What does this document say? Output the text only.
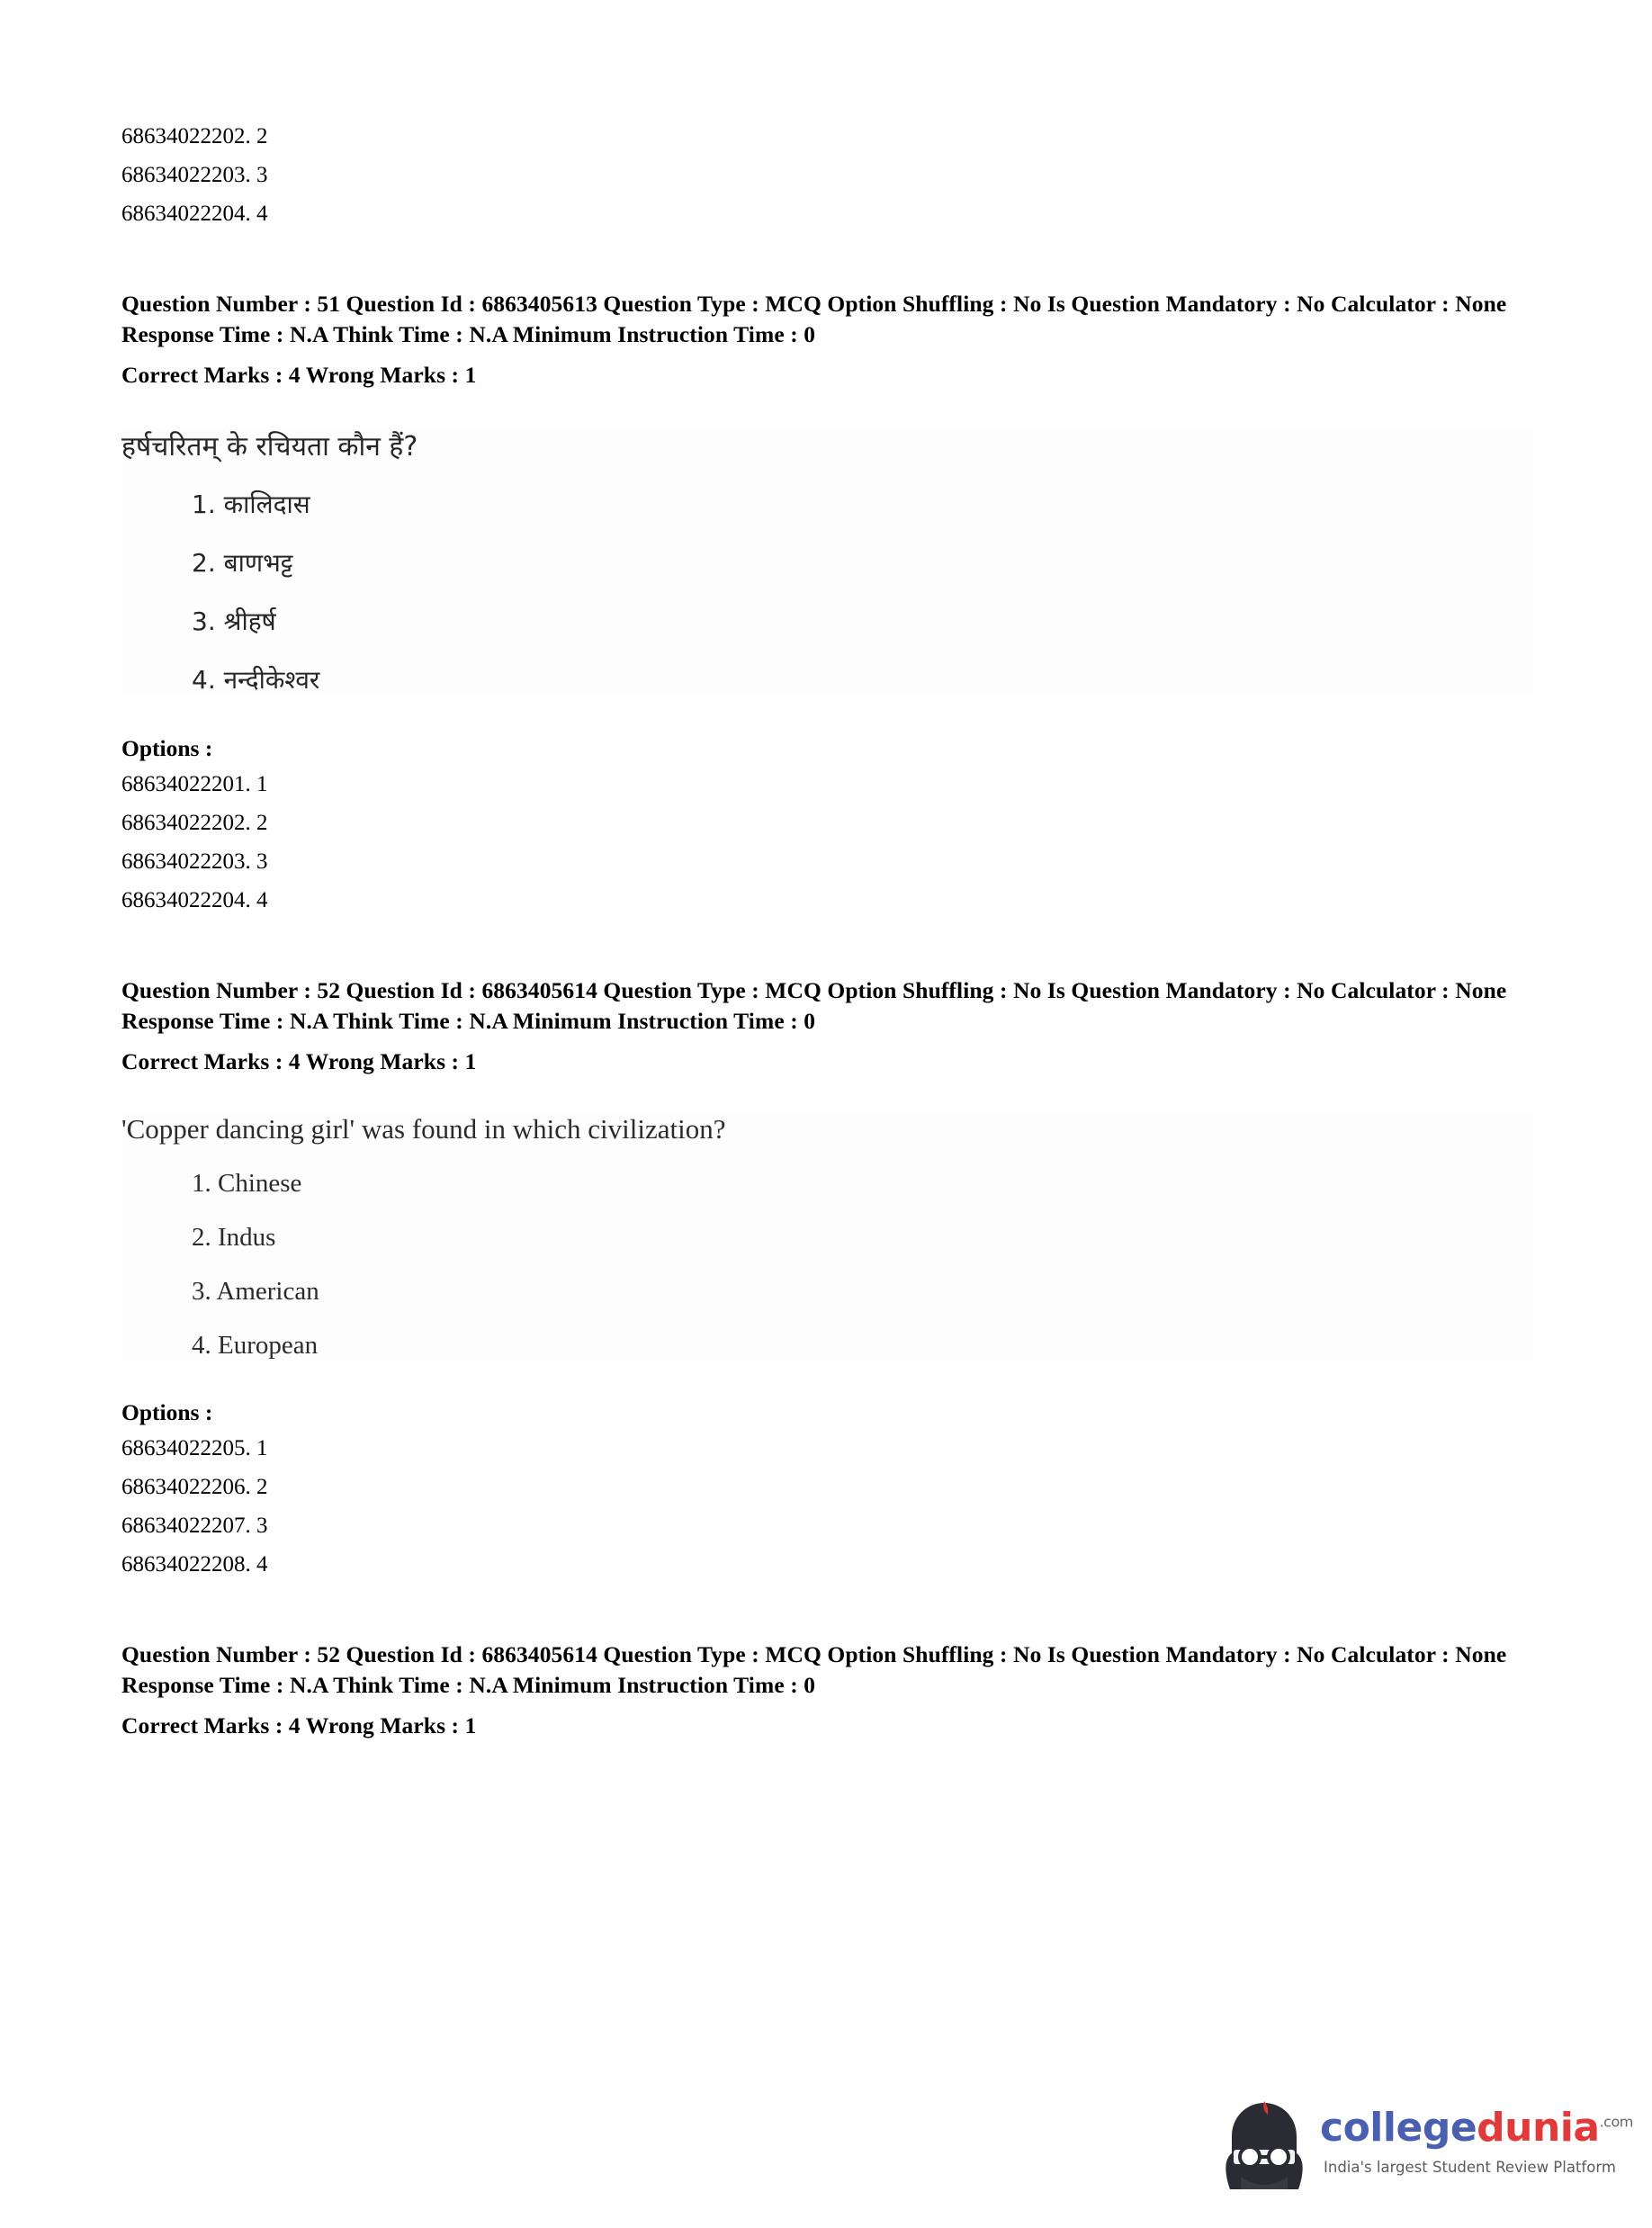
68634022202. 2
68634022203. 3
68634022204. 4
Question Number : 51 Question Id : 6863405613 Question Type : MCQ Option Shuffling : No Is Question Mandatory : No Calculator : None Response Time : N.A Think Time : N.A Minimum Instruction Time : 0
Correct Marks : 4 Wrong Marks : 1
हर्षचरितम् के रचियता कौन हैं?
1. कालिदास
2. बाणभट्ट
3. श्रीहर्ष
4. नन्दीकेश्वर
Options :
68634022201. 1
68634022202. 2
68634022203. 3
68634022204. 4
Question Number : 52 Question Id : 6863405614 Question Type : MCQ Option Shuffling : No Is Question Mandatory : No Calculator : None Response Time : N.A Think Time : N.A Minimum Instruction Time : 0
Correct Marks : 4 Wrong Marks : 1
'Copper dancing girl' was found in which civilization?
1. Chinese
2. Indus
3. American
4. European
Options :
68634022205. 1
68634022206. 2
68634022207. 3
68634022208. 4
Question Number : 52 Question Id : 6863405614 Question Type : MCQ Option Shuffling : No Is Question Mandatory : No Calculator : None Response Time : N.A Think Time : N.A Minimum Instruction Time : 0
Correct Marks : 4 Wrong Marks : 1
collegedunia$^{.com}$
India's largest Student Review Platform
